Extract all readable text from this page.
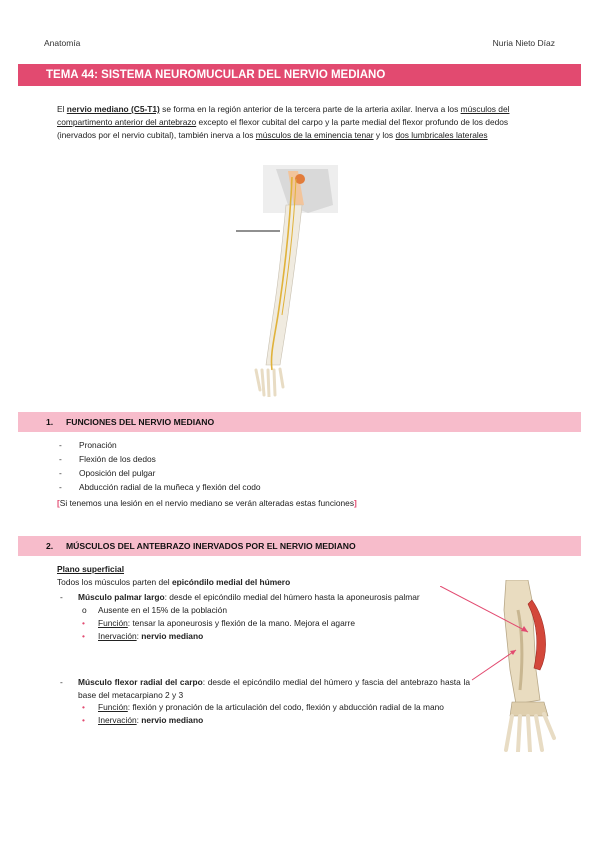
Anatomía	Nuria Nieto Díaz
TEMA 44: SISTEMA NEUROMUCULAR DEL NERVIO MEDIANO
El nervio mediano (C5-T1) se forma en la región anterior de la tercera parte de la arteria axilar. Inerva a los músculos del compartimento anterior del antebrazo excepto el flexor cubital del carpo y la parte medial del flexor profundo de los dedos (inervados por el nervio cubital), también inerva a los músculos de la eminencia tenar y los dos lumbricales laterales
1. FUNCIONES DEL NERVIO MEDIANO
- Pronación
- Flexión de los dedos
- Oposición del pulgar
- Abducción radial de la muñeca y flexión del codo
[Si tenemos una lesión en el nervio mediano se verán alteradas estas funciones]
2. MÚSCULOS DEL ANTEBRAZO INERVADOS POR EL NERVIO MEDIANO
Plano superficial
Todos los músculos parten del epicóndilo medial del húmero
- Músculo palmar largo: desde el epicóndilo medial del húmero hasta la aponeurosis palmar
o Ausente en el 15% de la población
• Función: tensar la aponeurosis y flexión de la mano. Mejora el agarre
• Inervación: nervio mediano
- Músculo flexor radial del carpo: desde el epicóndilo medial del húmero y fascia del antebrazo hasta la base del metacarpiano 2 y 3
• Función: flexión y pronación de la articulación del codo, flexión y abducción radial de la mano
• Inervación: nervio mediano
